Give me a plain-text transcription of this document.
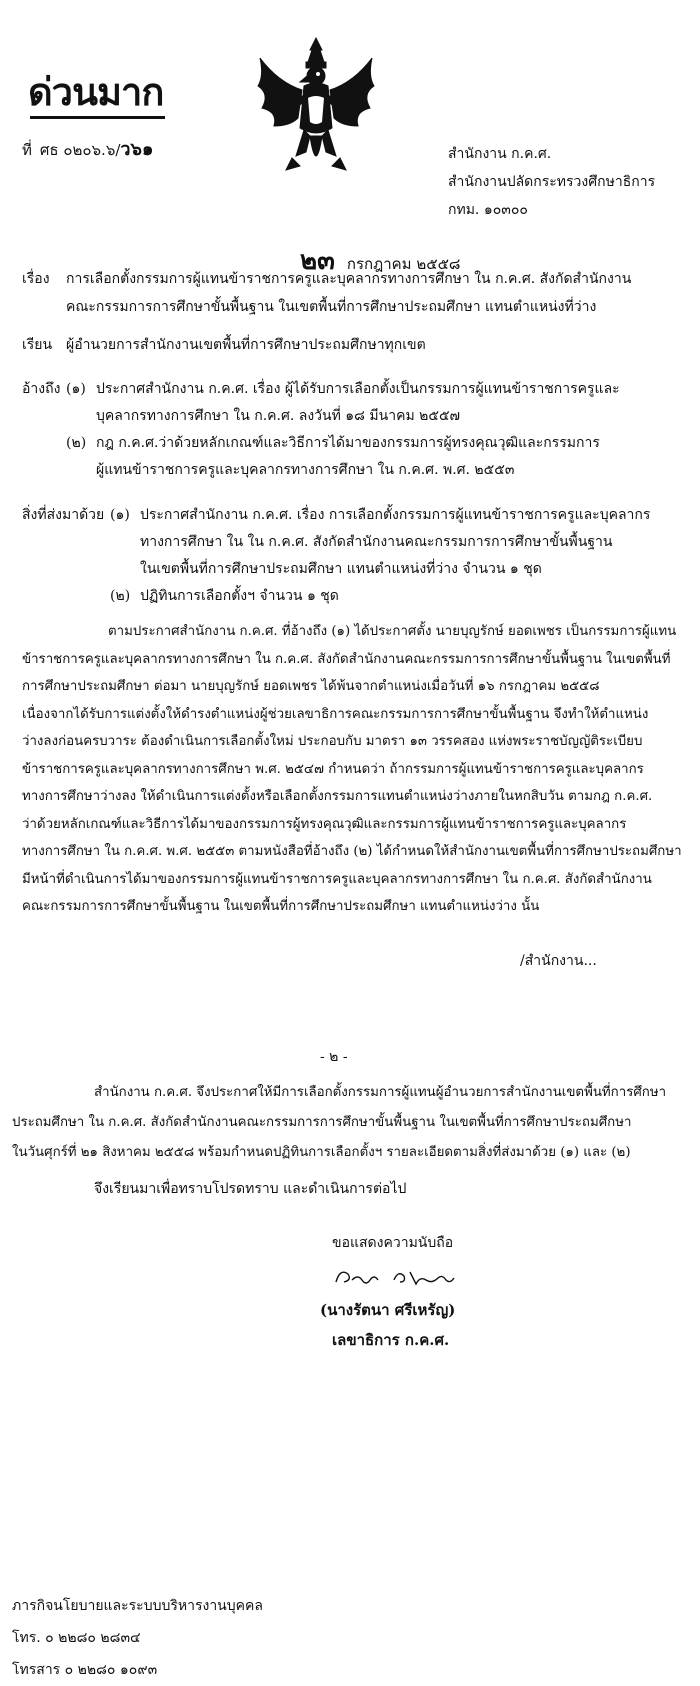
ด่วนมาก
ที่ ศธ ๐๒๐๖.๖/ว๖๑	สำนักงาน ก.ค.ศ.
สำนักงานปลัดกระทรวงศึกษาธิการ
กทม. ๑๐๓๐๐
๒๓ กรกฎาคม ๒๕๕๘
เรื่อง การเลือกตั้งกรรมการผู้แทนข้าราชการครูและบุคลากรทางการศึกษา ใน ก.ค.ศ. สังกัดสำนักงาน
คณะกรรมการการศึกษาขั้นพื้นฐาน ในเขตพื้นที่การศึกษาประถมศึกษา แทนตำแหน่งที่ว่าง
เรียน ผู้อำนวยการสำนักงานเขตพื้นที่การศึกษาประถมศึกษาทุกเขต
อ้างถึง (๑) ประกาศสำนักงาน ก.ค.ศ. เรื่อง ผู้ได้รับการเลือกตั้งเป็นกรรมการผู้แทนข้าราชการครูและ
บุคลากรทางการศึกษา ใน ก.ค.ศ. ลงวันที่ ๑๘ มีนาคม ๒๕๕๗
(๒) กฎ ก.ค.ศ.ว่าด้วยหลักเกณฑ์และวิธีการได้มาของกรรมการผู้ทรงคุณวุฒิและกรรมการ
ผู้แทนข้าราชการครูและบุคลากรทางการศึกษา ใน ก.ค.ศ. พ.ศ. ๒๕๕๓
สิ่งที่ส่งมาด้วย (๑) ประกาศสำนักงาน ก.ค.ศ. เรื่อง การเลือกตั้งกรรมการผู้แทนข้าราชการครูและบุคลากร
ทางการศึกษา ใน ใน ก.ค.ศ. สังกัดสำนักงานคณะกรรมการการศึกษาขั้นพื้นฐาน
ในเขตพื้นที่การศึกษาประถมศึกษา แทนตำแหน่งที่ว่าง จำนวน ๑ ชุด
(๒) ปฏิทินการเลือกตั้งฯ จำนวน ๑ ชุด
ตามประกาศสำนักงาน ก.ค.ศ. ที่อ้างถึง (๑) ได้ประกาศตั้ง นายบุญรักษ์ ยอดเพชร เป็นกรรมการผู้แทน
ข้าราชการครูและบุคลากรทางการศึกษา ใน ก.ค.ศ. สังกัดสำนักงานคณะกรรมการการศึกษาขั้นพื้นฐาน ในเขตพื้นที่
การศึกษาประถมศึกษา ต่อมา นายบุญรักษ์ ยอดเพชร ได้พ้นจากตำแหน่งเมื่อวันที่ ๑๖ กรกฎาคม ๒๕๕๘
เนื่องจากได้รับการแต่งตั้งให้ดำรงตำแหน่งผู้ช่วยเลขาธิการคณะกรรมการการศึกษาขั้นพื้นฐาน จึงทำให้ตำแหน่ง
ว่างลงก่อนครบวาระ ต้องดำเนินการเลือกตั้งใหม่ ประกอบกับ มาตรา ๑๓ วรรคสอง แห่งพระราชบัญญัติระเบียบ
ข้าราชการครูและบุคลากรทางการศึกษา พ.ศ. ๒๕๔๗ กำหนดว่า ถ้ากรรมการผู้แทนข้าราชการครูและบุคลากร
ทางการศึกษาว่างลง ให้ดำเนินการแต่งตั้งหรือเลือกตั้งกรรมการแทนตำแหน่งว่างภายในหกสิบวัน ตามกฎ ก.ค.ศ.
ว่าด้วยหลักเกณฑ์และวิธีการได้มาของกรรมการผู้ทรงคุณวุฒิและกรรมการผู้แทนข้าราชการครูและบุคลากร
ทางการศึกษา ใน ก.ค.ศ. พ.ศ. ๒๕๕๓ ตามหนังสือที่อ้างถึง (๒) ได้กำหนดให้สำนักงานเขตพื้นที่การศึกษาประถมศึกษา
มีหน้าที่ดำเนินการได้มาของกรรมการผู้แทนข้าราชการครูและบุคลากรทางการศึกษา ใน ก.ค.ศ. สังกัดสำนักงาน
คณะกรรมการการศึกษาขั้นพื้นฐาน ในเขตพื้นที่การศึกษาประถมศึกษา แทนตำแหน่งว่าง นั้น
/สำนักงาน...
- ๒ -
สำนักงาน ก.ค.ศ. จึงประกาศให้มีการเลือกตั้งกรรมการผู้แทนผู้อำนวยการสำนักงานเขตพื้นที่การศึกษา
ประถมศึกษา ใน ก.ค.ศ. สังกัดสำนักงานคณะกรรมการการศึกษาขั้นพื้นฐาน ในเขตพื้นที่การศึกษาประถมศึกษา
ในวันศุกร์ที่ ๒๑ สิงหาคม ๒๕๕๘ พร้อมกำหนดปฏิทินการเลือกตั้งฯ รายละเอียดตามสิ่งที่ส่งมาด้วย (๑) และ (๒)
จึงเรียนมาเพื่อทราบโปรดทราบ และดำเนินการต่อไป
ขอแสดงความนับถือ
(นางรัตนา ศรีเหรัญ)
เลขาธิการ ก.ค.ศ.
ภารกิจนโยบายและระบบบริหารงานบุคคล
โทร. ๐ ๒๒๘๐ ๒๘๓๔
โทรสาร ๐ ๒๒๘๐ ๑๐๙๓
